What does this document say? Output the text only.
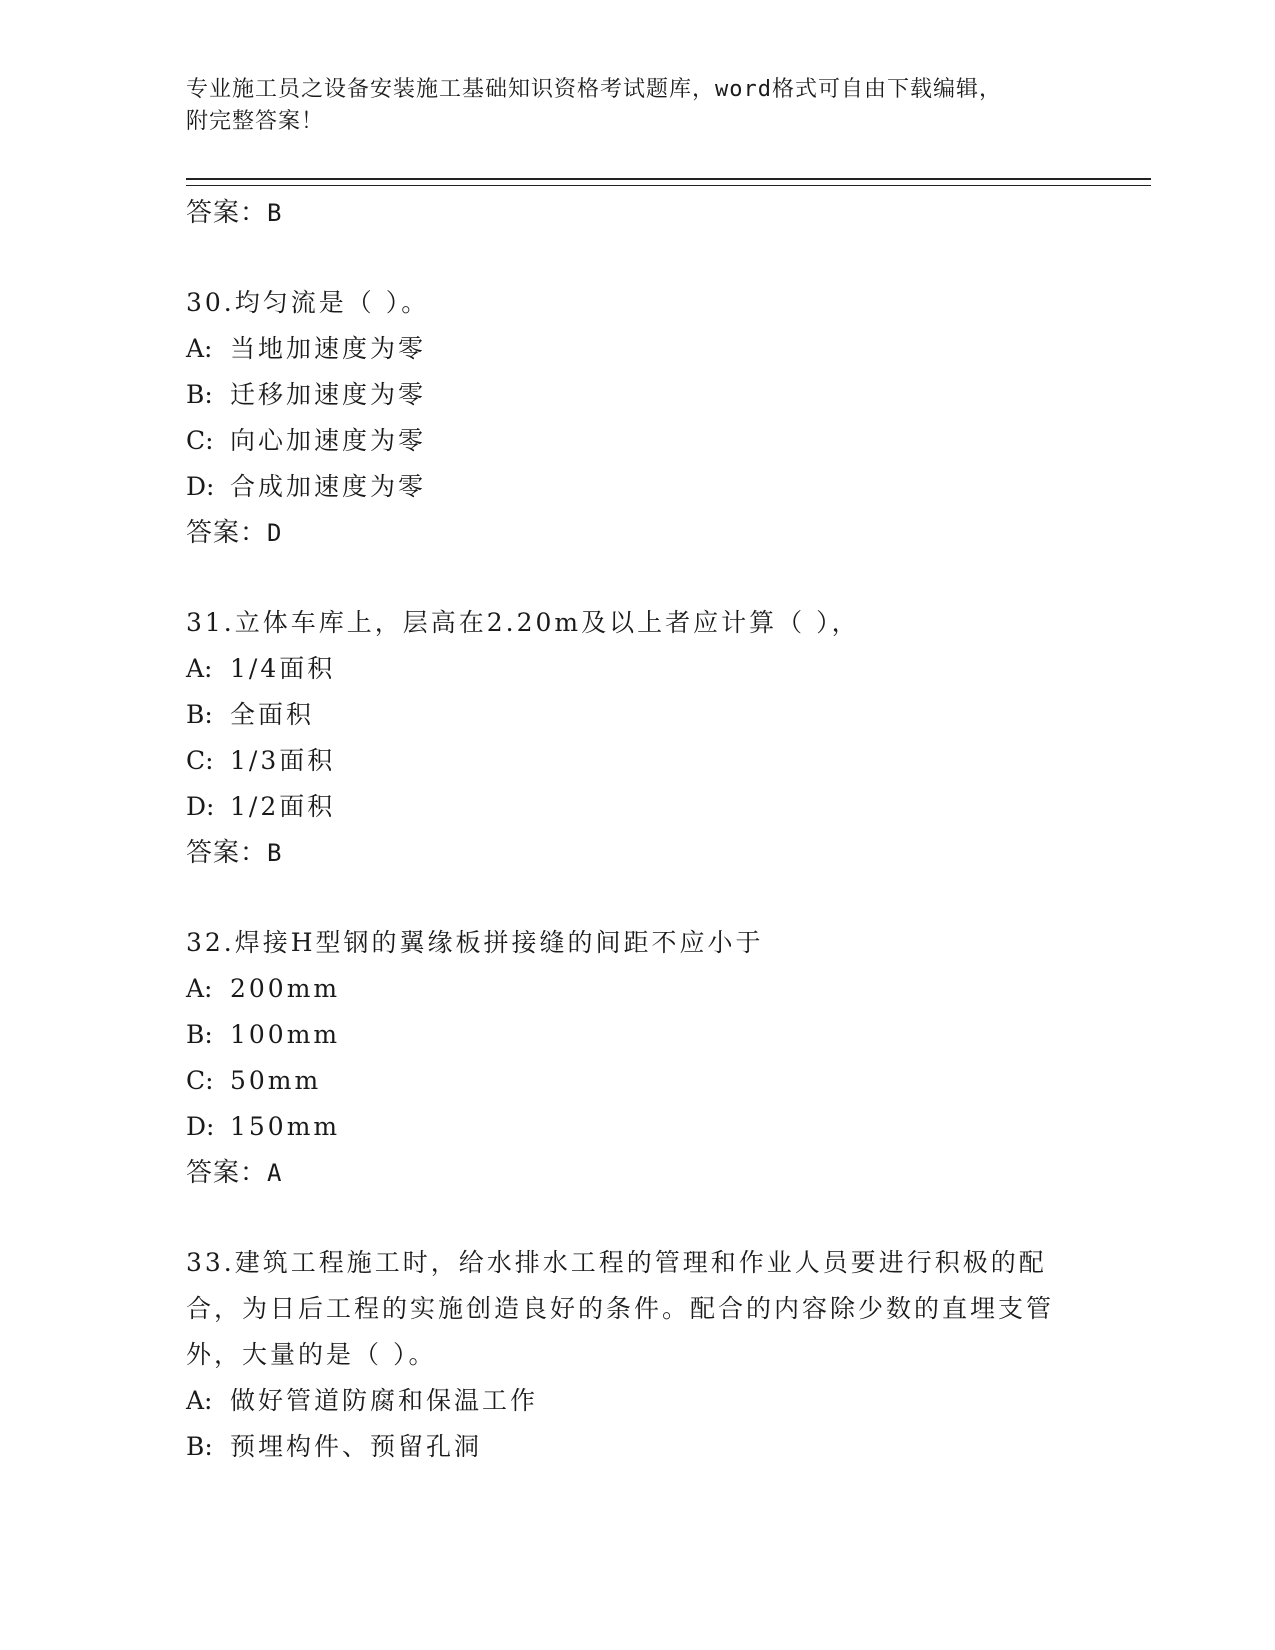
专业施工员之设备安装施工基础知识资格考试题库，word格式可自由下载编辑，
附完整答案！
答案：B
30.均匀流是（ ）。
A: 当地加速度为零
B: 迁移加速度为零
C: 向心加速度为零
D: 合成加速度为零
答案：D
31.立体车库上，层高在2.20m及以上者应计算（ ），
A: 1/4面积
B: 全面积
C: 1/3面积
D: 1/2面积
答案：B
32.焊接H型钢的翼缘板拼接缝的间距不应小于
A: 200mm
B: 100mm
C: 50mm
D: 150mm
答案：A
33.建筑工程施工时，给水排水工程的管理和作业人员要进行积极的配合，为日后工程的实施创造良好的条件。配合的内容除少数的直埋支管外，大量的是（ ）。
A: 做好管道防腐和保温工作
B: 预埋构件、预留孔洞
